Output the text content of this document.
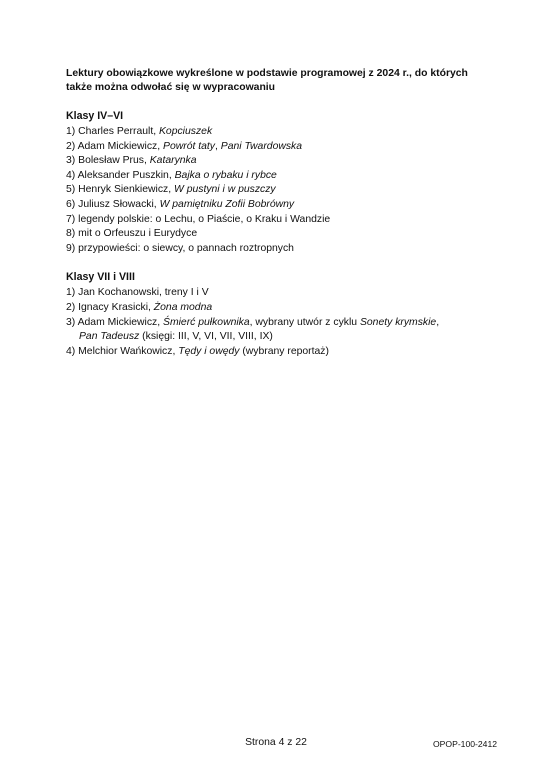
Lektury obowiązkowe wykreślone w podstawie programowej z 2024 r., do których
także można odwołać się w wypracowaniu

Klasy IV–VI

1) Charles Perrault, Kopciuszek
2) Adam Mickiewicz, Powrót taty, Pani Twardowska
3) Bolesław Prus, Katarynka
4) Aleksander Puszkin, Bajka o rybaku i rybce
5) Henryk Sienkiewicz, W pustyni i w puszczy
6) Juliusz Słowacki, W pamiętniku Zofii Bobrówny
7) legendy polskie: o Lechu, o Piaście, o Kraku i Wandzie
8) mit o Orfeuszu i Eurydyce
9) przypowieści: o siewcy, o pannach roztropnych

Klasy VII i VIII

1) Jan Kochanowski, treny I i V
2) Ignacy Krasicki, Żona modna
3) Adam Mickiewicz, Śmierć pułkownika, wybrany utwór z cyklu Sonety krymskie,
Pan Tadeusz (księgi: III, V, VI, VII, VIII, IX)
4) Melchior Wańkowicz, Tędy i owędy (wybrany reportaż)
Strona 4 z 22	OPOP-100-2412
